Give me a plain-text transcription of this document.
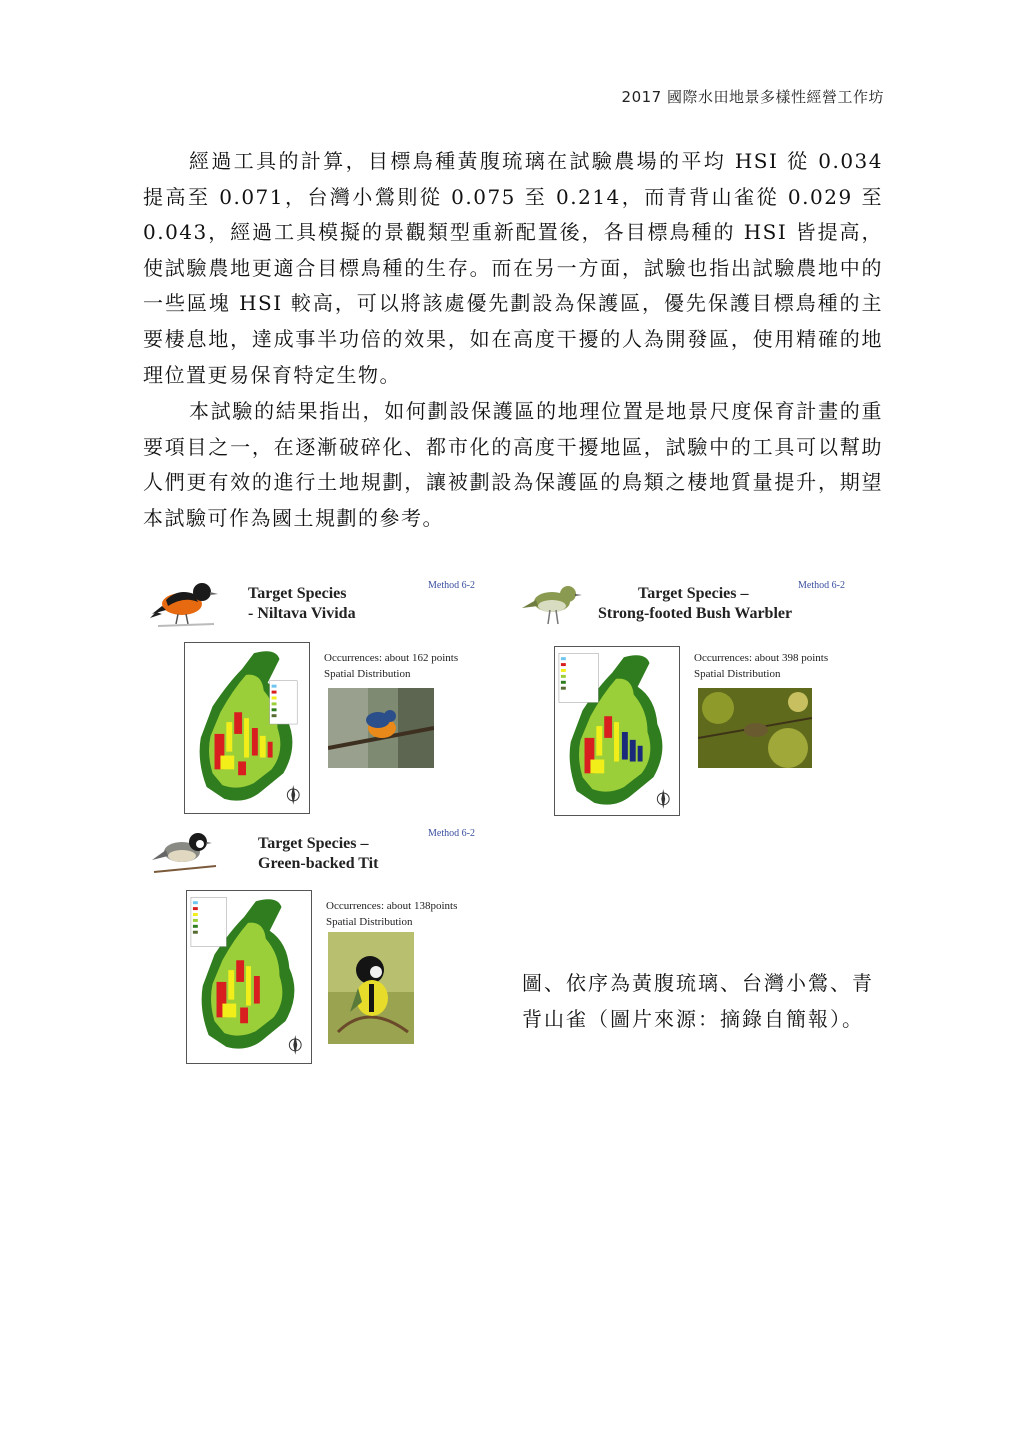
2017 國際水田地景多樣性經營工作坊

經過工具的計算，目標鳥種黃腹琉璃在試驗農場的平均 HSI 從 0.034 提高至 0.071，台灣小鶯則從 0.075 至 0.214，而青背山雀從 0.029 至 0.043，經過工具模擬的景觀類型重新配置後，各目標鳥種的 HSI 皆提高，使試驗農地更適合目標鳥種的生存。而在另一方面，試驗也指出試驗農地中的一些區塊 HSI 較高，可以將該處優先劃設為保護區，優先保護目標鳥種的主要棲息地，達成事半功倍的效果，如在高度干擾的人為開發區，使用精確的地理位置更易保育特定生物。

本試驗的結果指出，如何劃設保護區的地理位置是地景尺度保育計畫的重要項目之一，在逐漸破碎化、都市化的高度干擾地區，試驗中的工具可以幫助人們更有效的進行土地規劃，讓被劃設為保護區的鳥類之棲地質量提升，期望本試驗可作為國土規劃的參考。

Target Species
- Niltava Vivida
Method 6-2
Occurrences: about 162 points
Spatial Distribution
Target Species –
Strong-footed Bush Warbler
Method 6-2
Occurrences: about 398 points
Spatial Distribution
Target Species –
Green-backed Tit
Method 6-2
Occurrences: about 138points
Spatial Distribution

圖、依序為黃腹琉璃、台灣小鶯、青背山雀（圖片來源：摘錄自簡報）。
